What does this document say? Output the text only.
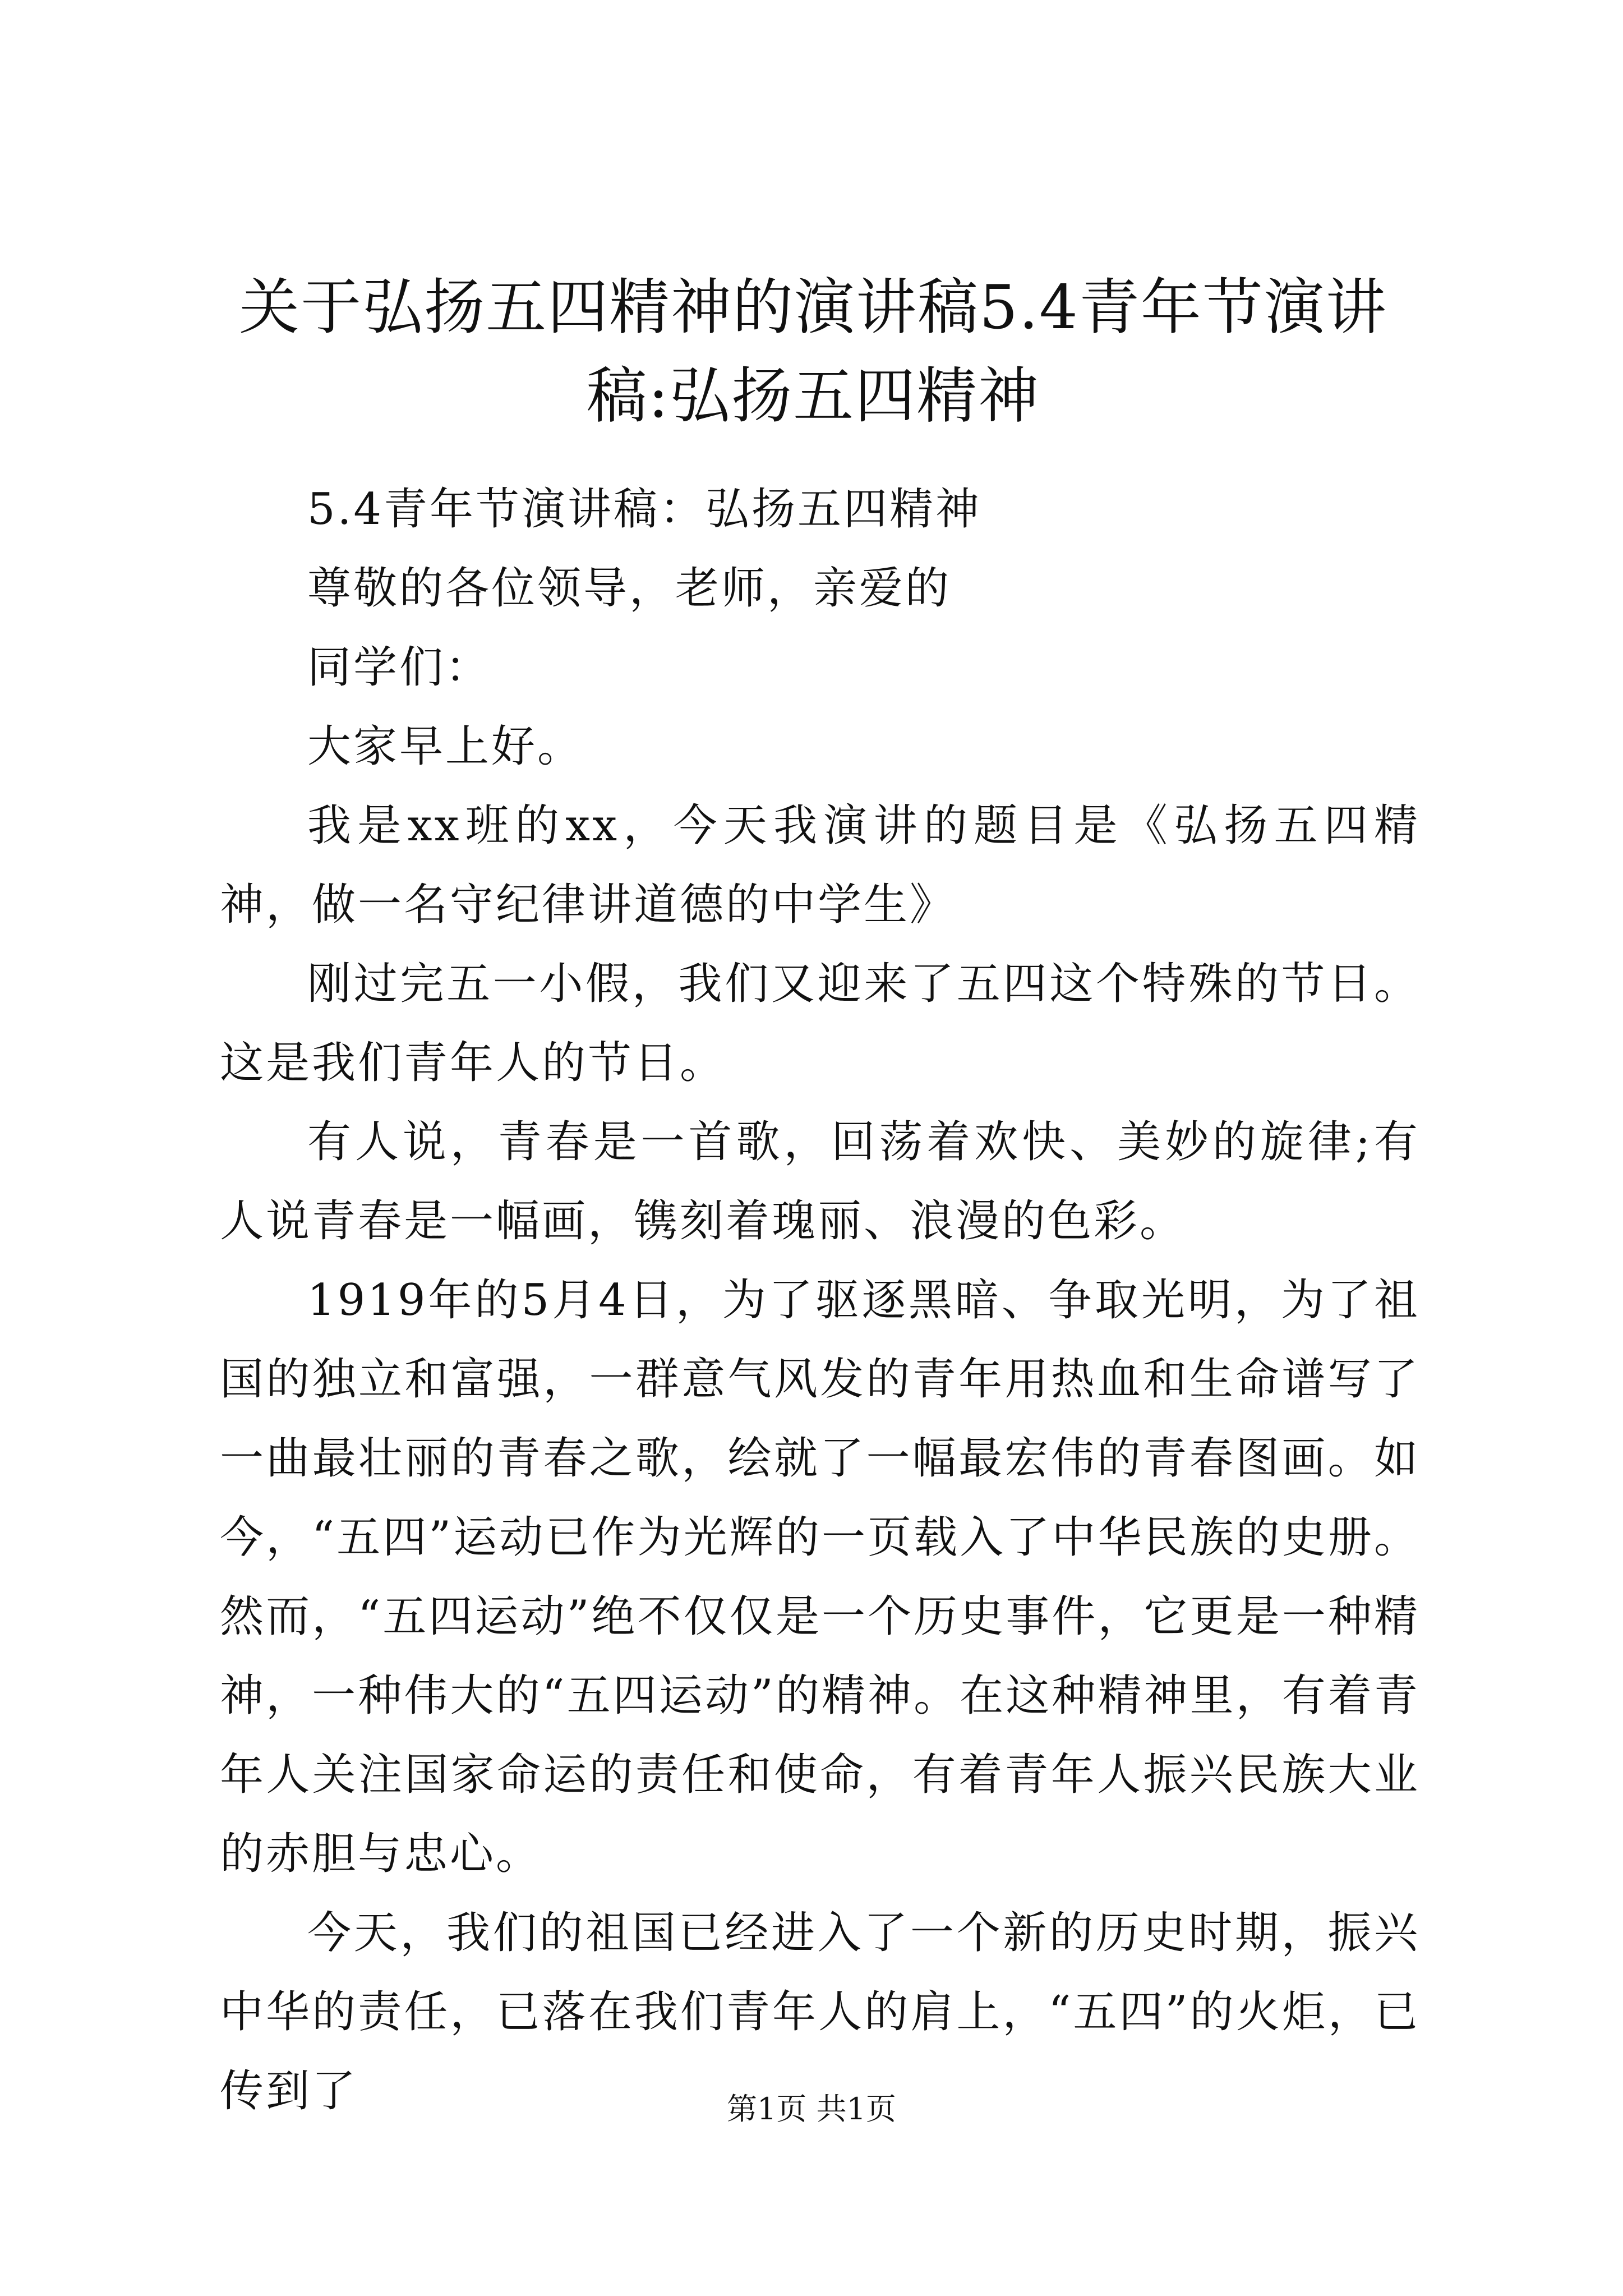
关于弘扬五四精神的演讲稿5.4青年节演讲稿:弘扬五四精神

5.4青年节演讲稿：弘扬五四精神

尊敬的各位领导，老师，亲爱的

同学们：

大家早上好。

我是xx班的xx，今天我演讲的题目是《弘扬五四精神，做一名守纪律讲道德的中学生》

刚过完五一小假，我们又迎来了五四这个特殊的节日。这是我们青年人的节日。

有人说，青春是一首歌，回荡着欢快、美妙的旋律;有人说青春是一幅画，镌刻着瑰丽、浪漫的色彩。

1919年的5月4日，为了驱逐黑暗、争取光明，为了祖国的独立和富强，一群意气风发的青年用热血和生命谱写了一曲最壮丽的青春之歌，绘就了一幅最宏伟的青春图画。如今，“五四”运动已作为光辉的一页载入了中华民族的史册。然而，“五四运动”绝不仅仅是一个历史事件，它更是一种精神，一种伟大的“五四运动”的精神。在这种精神里，有着青年人关注国家命运的责任和使命，有着青年人振兴民族大业的赤胆与忠心。

今天，我们的祖国已经进入了一个新的历史时期，振兴中华的责任，已落在我们青年人的肩上，“五四”的火炬，已传到了	第1页 共1页
